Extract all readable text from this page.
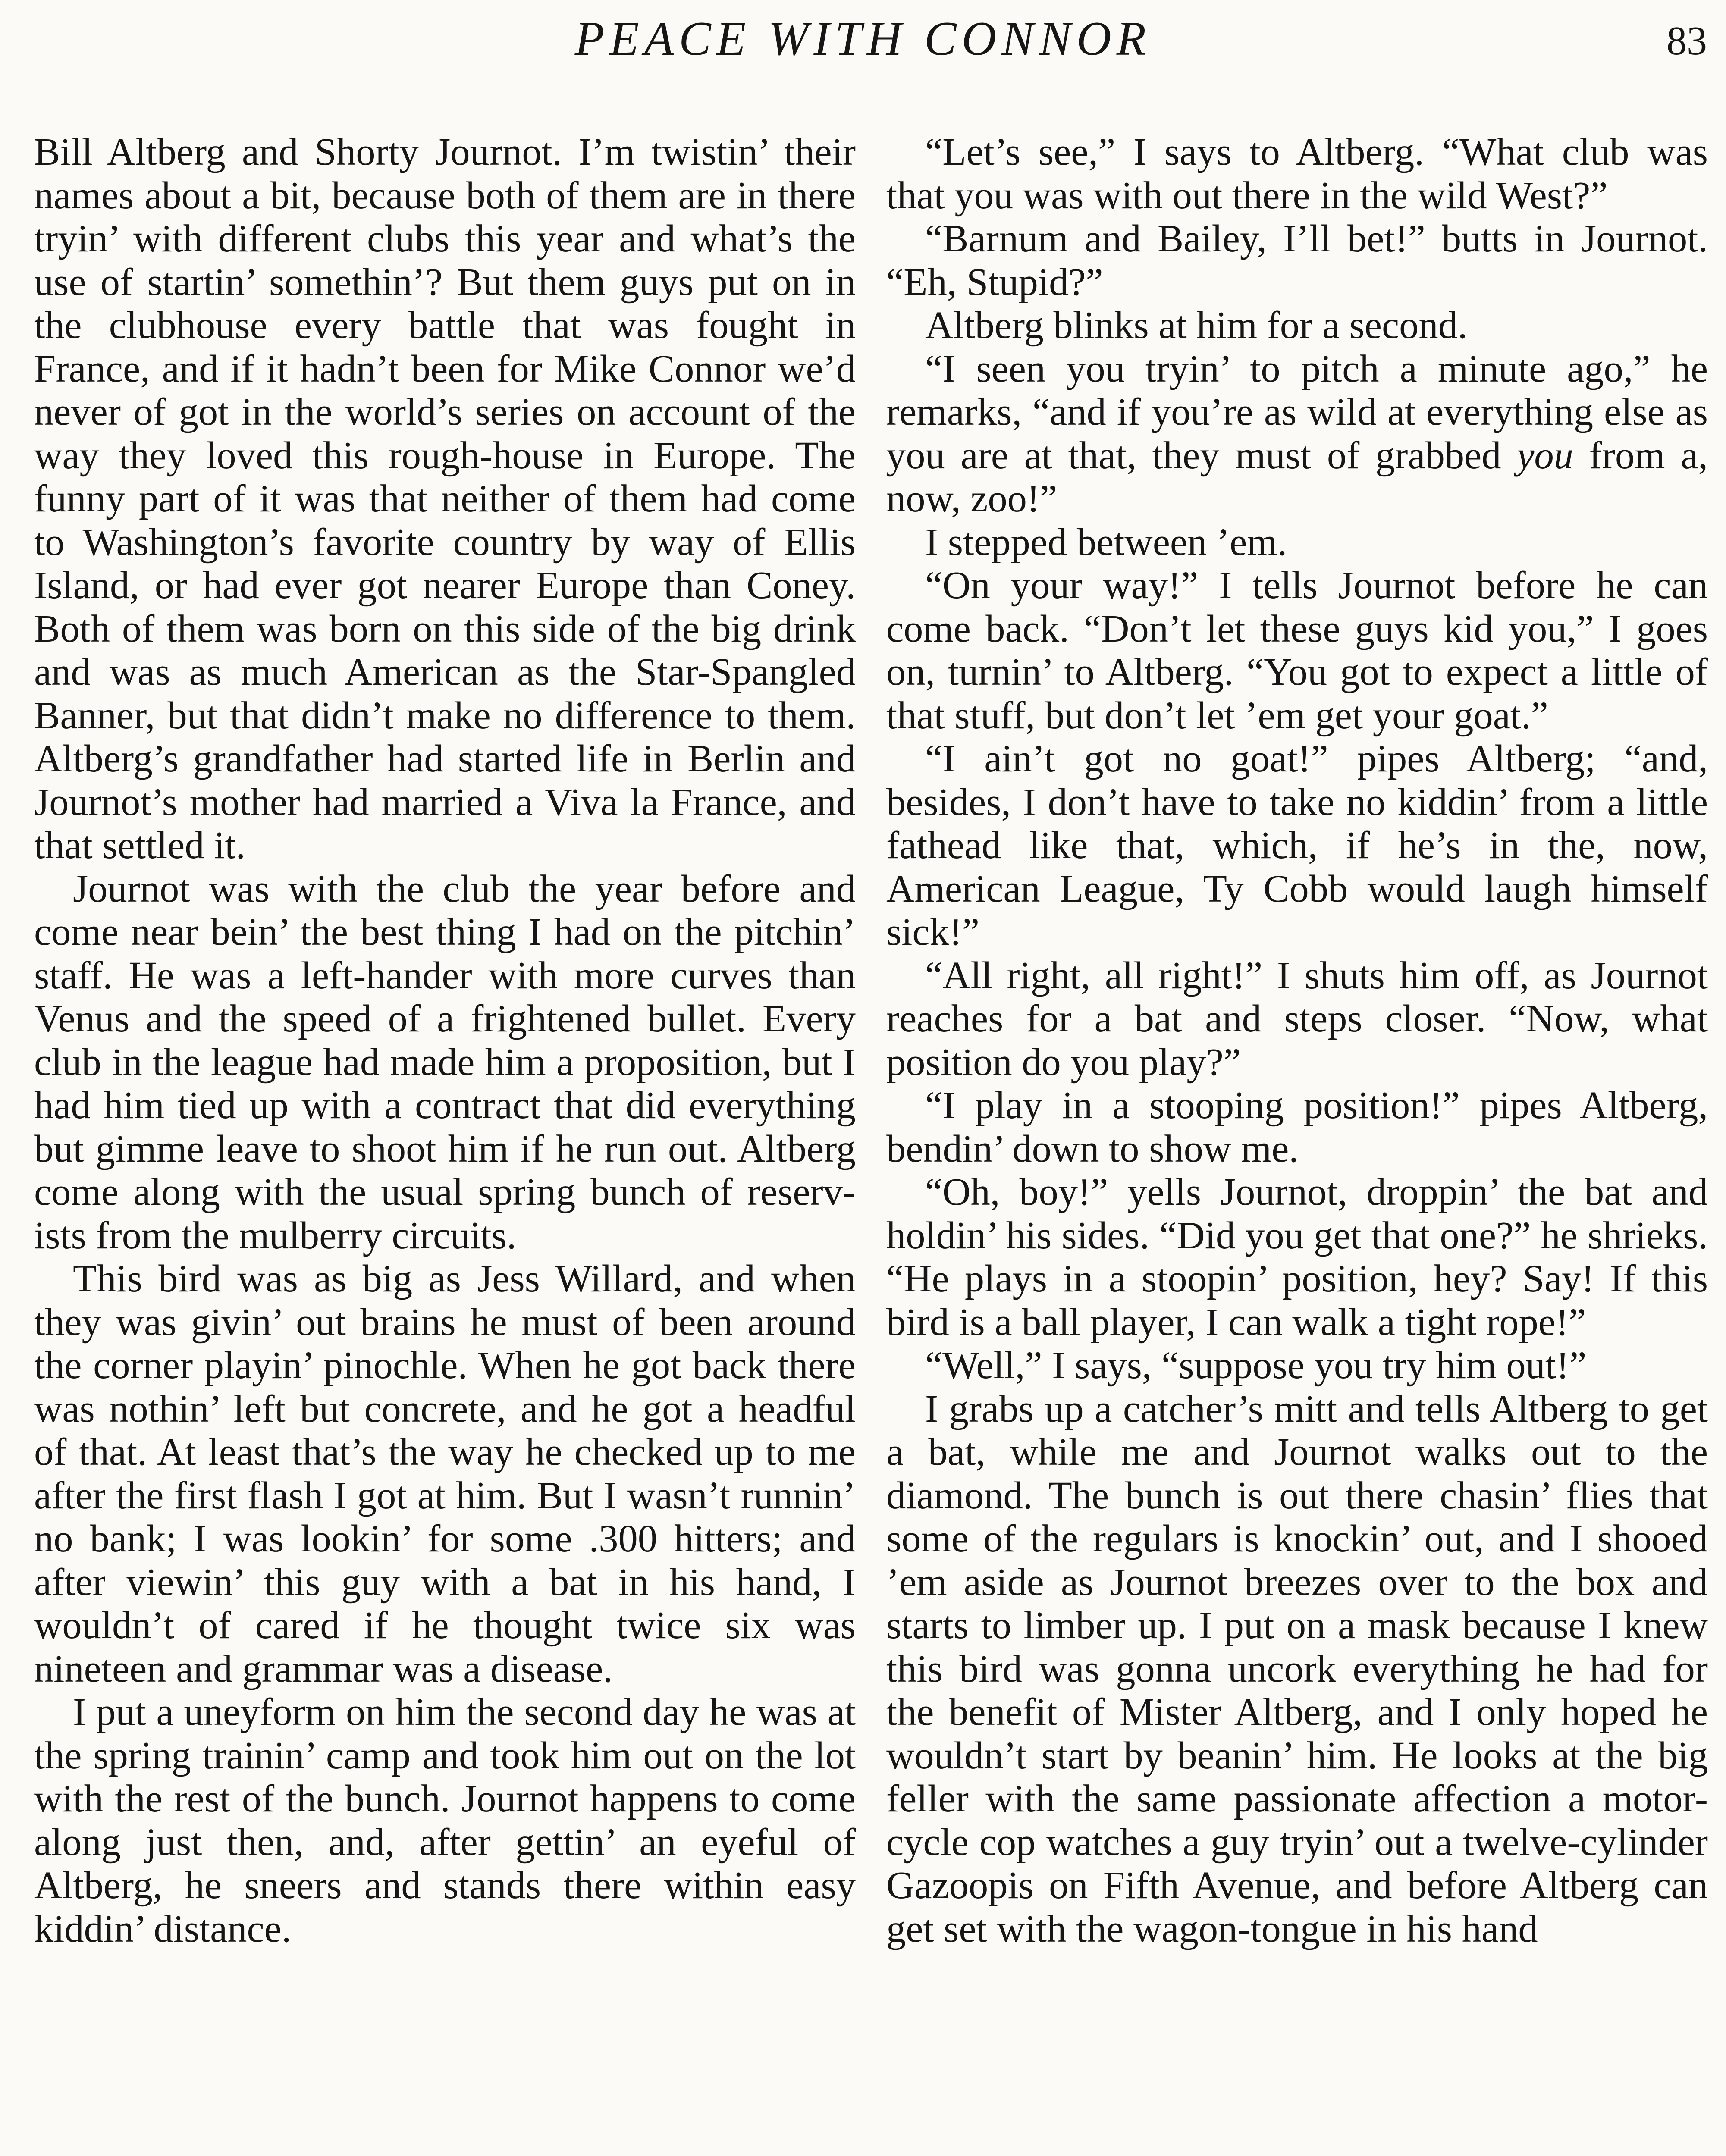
PEACE WITH CONNOR	83

Bill Altberg and Shorty Journot. I’m twistin’ their names about a bit, because both of them are in there tryin’ with different clubs this year and what’s the use of startin’ somethin’? But them guys put on in the clubhouse every battle that was fought in France, and if it hadn’t been for Mike Connor we’d never of got in the world’s series on account of the way they loved this rough-house in Europe. The funny part of it was that neither of them had come to Washington’s favorite country by way of Ellis Island, or had ever got nearer Europe than Coney. Both of them was born on this side of the big drink and was as much American as the Star-Spangled Banner, but that didn’t make no difference to them. Altberg’s grandfather had started life in Berlin and Journot’s mother had married a Viva la France, and that settled it.

Journot was with the club the year before and come near bein’ the best thing I had on the pitchin’ staff. He was a left-hander with more curves than Venus and the speed of a frightened bullet. Every club in the league had made him a proposition, but I had him tied up with a contract that did everything but gimme leave to shoot him if he run out. Altberg come along with the usual spring bunch of reservists from the mulberry circuits.

This bird was as big as Jess Willard, and when they was givin’ out brains he must of been around the corner playin’ pinochle. When he got back there was nothin’ left but concrete, and he got a headful of that. At least that’s the way he checked up to me after the first flash I got at him. But I wasn’t runnin’ no bank; I was lookin’ for some .300 hitters; and after viewin’ this guy with a bat in his hand, I wouldn’t of cared if he thought twice six was nineteen and grammar was a disease.

I put a uneyform on him the second day he was at the spring trainin’ camp and took him out on the lot with the rest of the bunch. Journot happens to come along just then, and, after gettin’ an eyeful of Altberg, he sneers and stands there within easy kiddin’ distance.

“Let’s see,” I says to Altberg. “What club was that you was with out there in the wild West?”

“Barnum and Bailey, I’ll bet!” butts in Journot. “Eh, Stupid?”

Altberg blinks at him for a second.

“I seen you tryin’ to pitch a minute ago,” he remarks, “and if you’re as wild at everything else as you are at that, they must of grabbed you from a, now, zoo!”

I stepped between ’em.

“On your way!” I tells Journot before he can come back. “Don’t let these guys kid you,” I goes on, turnin’ to Altberg. “You got to expect a little of that stuff, but don’t let ’em get your goat.”

“I ain’t got no goat!” pipes Altberg; “and, besides, I don’t have to take no kiddin’ from a little fathead like that, which, if he’s in the, now, American League, Ty Cobb would laugh himself sick!”

“All right, all right!” I shuts him off, as Journot reaches for a bat and steps closer. “Now, what position do you play?”

“I play in a stooping position!” pipes Altberg, bendin’ down to show me.

“Oh, boy!” yells Journot, droppin’ the bat and holdin’ his sides. “Did you get that one?” he shrieks. “He plays in a stoopin’ position, hey? Say! If this bird is a ball player, I can walk a tight rope!”

“Well,” I says, “suppose you try him out!”

I grabs up a catcher’s mitt and tells Altberg to get a bat, while me and Journot walks out to the diamond. The bunch is out there chasin’ flies that some of the regulars is knockin’ out, and I shooed ’em aside as Journot breezes over to the box and starts to limber up. I put on a mask because I knew this bird was gonna uncork everything he had for the benefit of Mister Altberg, and I only hoped he wouldn’t start by beanin’ him. He looks at the big feller with the same passionate affection a motor-cycle cop watches a guy tryin’ out a twelve-cylinder Gazoopis on Fifth Avenue, and before Altberg can get set with the wagon-tongue in his hand
